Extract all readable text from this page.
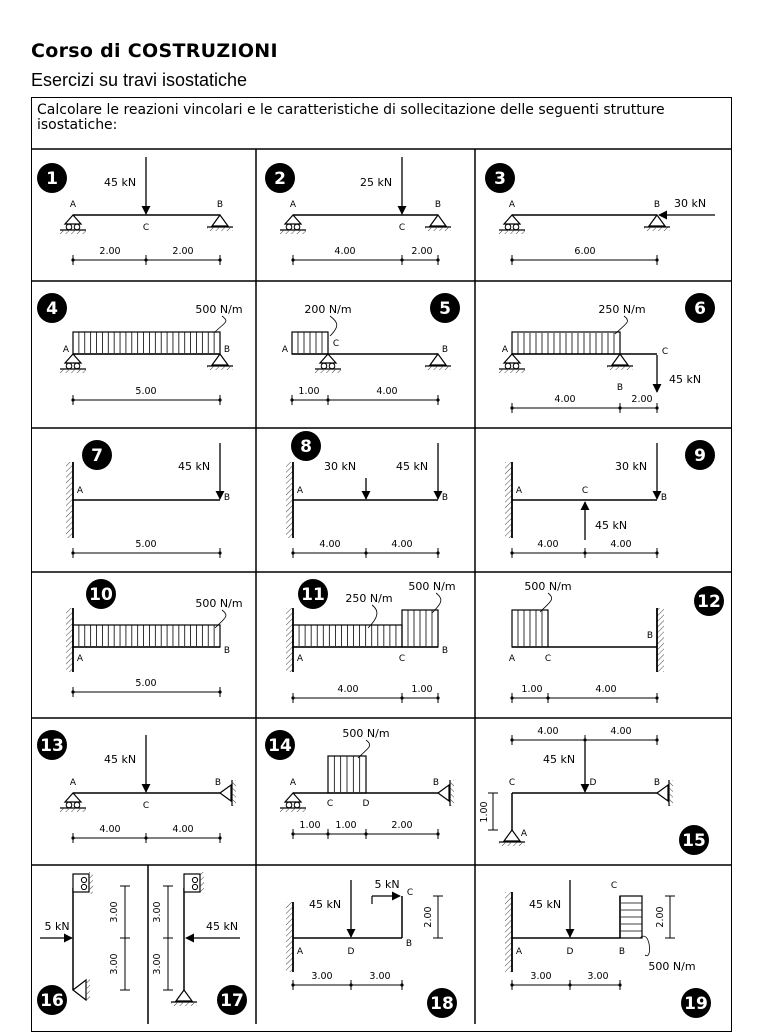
Corso di COSTRUZIONI
Esercizi su travi isostatiche
Calcolare le reazioni vincolari e le caratteristiche di sollecitazione delle seguenti strutture isostatiche:
1	45 kN
A
C
B
2.00	2.00
2	25 kN
A
C
B
4.00	2.00
3
30 kN
A	B
6.00
4	500 N/m
A	B
5.00
5
200 N/m
A
C
B
1.00	4.00
6
250 N/m
45 kN
A
B
C
4.00	2.00
7
45 kN
A
B
5.00
8
30 kN	45 kN
A
B
4.00	4.00
9
30 kN
45 kN
A	C
B
4.00	4.00
10	500 N/m
A
B
5.00
11 250 N/m
500 N/m
A	C
B
4.00	1.00
12
500 N/m
A	C
B
1.00	4.00
13
45 kN
A
C
B
4.00	4.00
14
500 N/m
A
C	D
B
1.00 1.00	2.00
15
4.00	4.00
45 kN
C	D	B
A
1.00
16
5 kN
3.00
3.00
17
45 kN
3.00
3.00
18
45 kN
5 kN
A	D
B
C
3.00	3.00
2.00
19
45 kN
500 N/m
A	D	B
C
3.00	3.00
2.00
